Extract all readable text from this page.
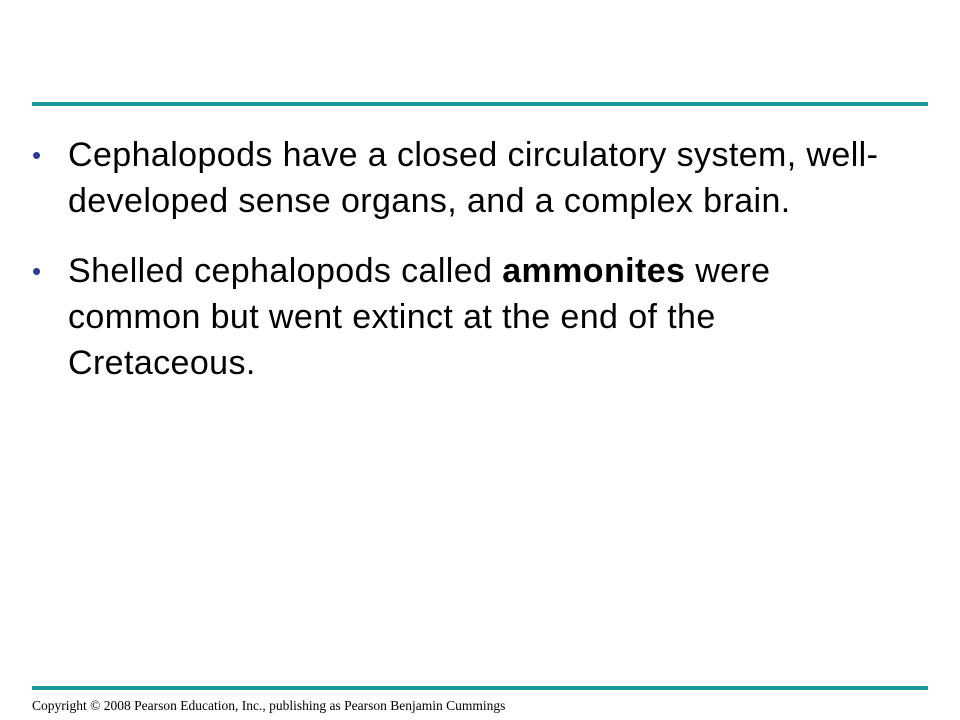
• Cephalopods have a closed circulatory system, well-developed sense organs, and a complex brain.
• Shelled cephalopods called ammonites were common but went extinct at the end of the Cretaceous.
Copyright © 2008 Pearson Education, Inc., publishing as Pearson Benjamin Cummings
